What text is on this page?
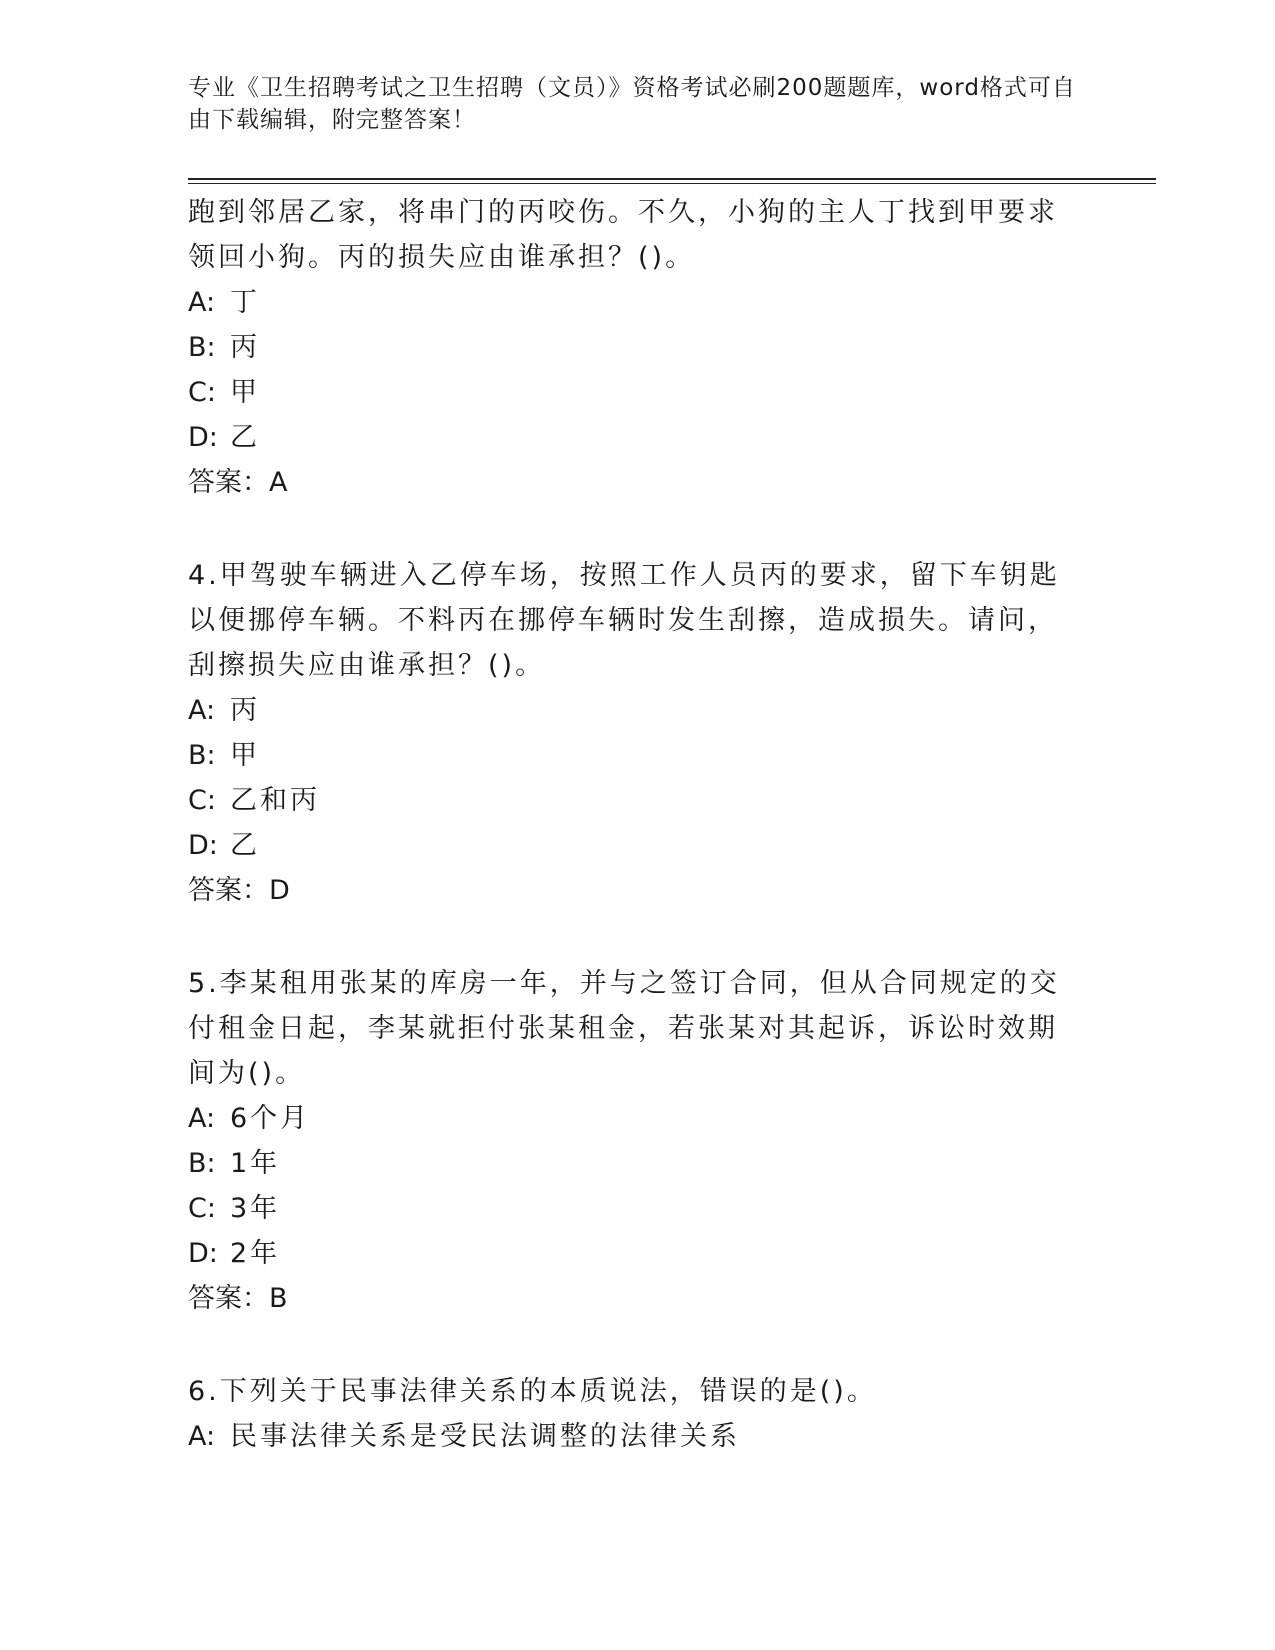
专业《卫生招聘考试之卫生招聘（文员）》资格考试必刷200题题库，word格式可自由下载编辑，附完整答案！
跑到邻居乙家，将串门的丙咬伤。不久，小狗的主人丁找到甲要求领回小狗。丙的损失应由谁承担？()。
A: 丁
B: 丙
C: 甲
D: 乙
答案：A
4.甲驾驶车辆进入乙停车场，按照工作人员丙的要求，留下车钥匙以便挪停车辆。不料丙在挪停车辆时发生刮擦，造成损失。请问，刮擦损失应由谁承担？()。
A: 丙
B: 甲
C: 乙和丙
D: 乙
答案：D
5.李某租用张某的库房一年，并与之签订合同，但从合同规定的交付租金日起，李某就拒付张某租金，若张某对其起诉，诉讼时效期间为()。
A: 6个月
B: 1年
C: 3年
D: 2年
答案：B
6.下列关于民事法律关系的本质说法，错误的是()。
A: 民事法律关系是受民法调整的法律关系
